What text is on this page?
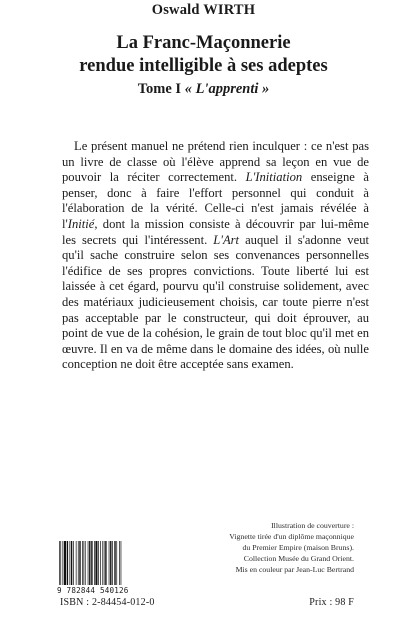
Oswald WIRTH
La Franc-Maçonnerie
rendue intelligible à ses adeptes
Tome I « L'apprenti »

Le présent manuel ne prétend rien inculquer : ce n'est pas un livre de classe où l'élève apprend sa leçon en vue de pouvoir la réciter correctement. L'Initiation enseigne à penser, donc à faire l'effort personnel qui conduit à l'élaboration de la vérité. Celle-ci n'est jamais révélée à l'Initié, dont la mission consiste à découvrir par lui-même les secrets qui l'intéressent. L'Art auquel il s'adonne veut qu'il sache construire selon ses convenances personnelles l'édifice de ses propres convictions. Toute liberté lui est laissée à cet égard, pourvu qu'il construise solidement, avec des matériaux judicieusement choisis, car toute pierre n'est pas acceptable par le constructeur, qui doit éprouver, au point de vue de la cohésion, le grain de tout bloc qu'il met en œuvre. Il en va de même dans le domaine des idées, où nulle conception ne doit être acceptée sans examen.

Illustration de couverture :
Vignette tirée d'un diplôme maçonnique
du Premier Empire (maison Bruns).
Collection Musée du Grand Orient.
Mis en couleur par Jean-Luc Bertrand
9 782844 540126
ISBN : 2-84454-012-0	Prix : 98 F
